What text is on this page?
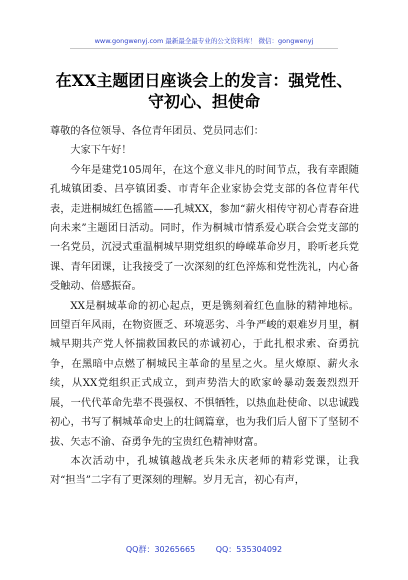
www.gongwenyj.com 最新最全最专业的公文资料库！ 微信：gongwenyj
在XX主题团日座谈会上的发言：强党性、
守初心、担使命

尊敬的各位领导、各位青年团员、党员同志们：

大家下午好！

今年是建党105周年，在这个意义非凡的时间节点，我有幸跟随孔城镇团委、吕亭镇团委、市青年企业家协会党支部的各位青年代表，走进桐城红色摇篮——孔城XX，参加“薪火相传守初心青春奋进向未来”主题团日活动。同时，作为桐城市情系爱心联合会党支部的一名党员，沉浸式重温桐城早期党组织的峥嵘革命岁月，聆听老兵党课、青年团课，让我接受了一次深刻的红色淬炼和党性洗礼，内心备受触动、倍感振奋。

XX是桐城革命的初心起点，更是镌刻着红色血脉的精神地标。回望百年风雨，在物资匮乏、环境恶劣、斗争严峻的艰难岁月里，桐城早期共产党人怀揣救国救民的赤诚初心，于此扎根求索、奋勇抗争，在黑暗中点燃了桐城民主革命的星星之火。星火燎原、薪火永续，从XX党组织正式成立，到声势浩大的欧家岭暴动轰轰烈烈开展，一代代革命先辈不畏强权、不惧牺牲，以热血赴使命、以忠诚践初心，书写了桐城革命史上的壮阔篇章，也为我们后人留下了坚韧不拔、矢志不渝、奋勇争先的宝贵红色精神财富。

本次活动中，孔城镇越战老兵朱永庆老师的精彩党课，让我对“担当”二字有了更深刻的理解。岁月无言，初心有声，

QQ群：30265665 QQ：535304092
